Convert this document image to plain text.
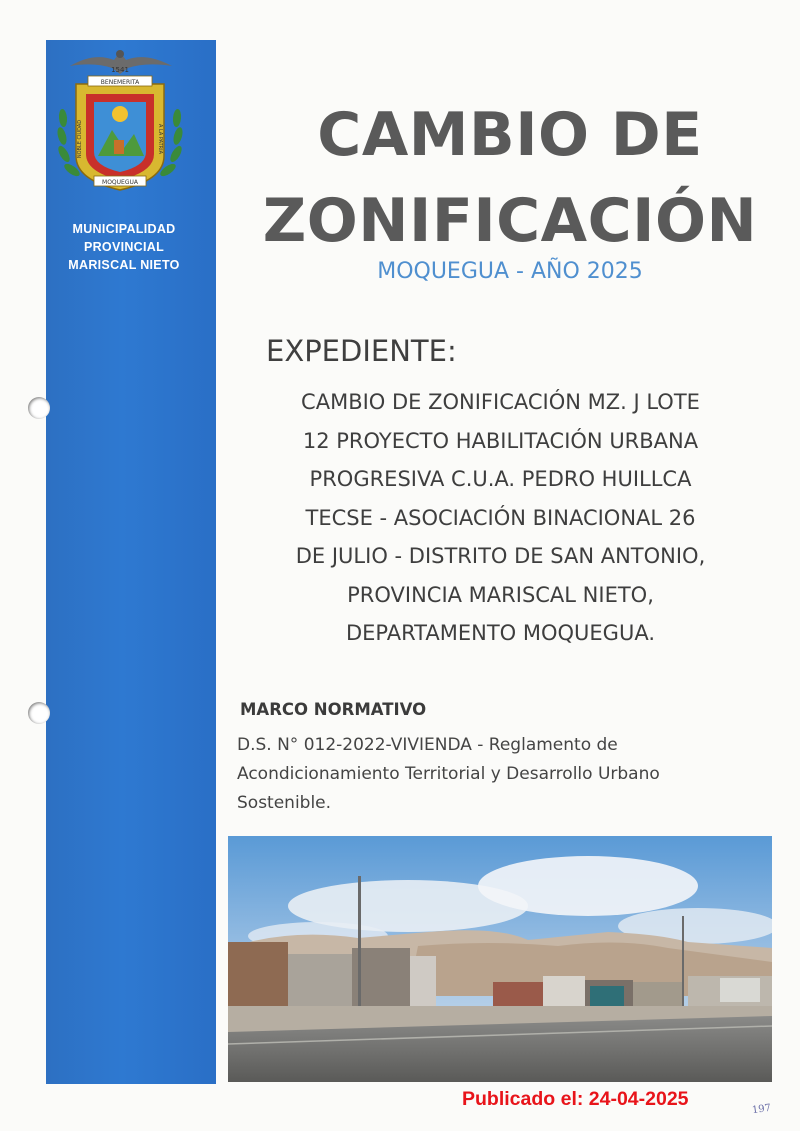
1541
BENEMERITA
NOBLE CIUDAD	A LA PATRIA
MOQUEGUA
MUNICIPALIDAD
PROVINCIAL
MARISCAL NIETO
CAMBIO DE
ZONIFICACIÓN
MOQUEGUA - AÑO 2025
EXPEDIENTE:
CAMBIO DE ZONIFICACIÓN MZ. J LOTE
12 PROYECTO HABILITACIÓN URBANA
PROGRESIVA C.U.A. PEDRO HUILLCA
TECSE - ASOCIACIÓN BINACIONAL 26
DE JULIO - DISTRITO DE SAN ANTONIO,
PROVINCIA MARISCAL NIETO,
DEPARTAMENTO MOQUEGUA.
MARCO NORMATIVO
D.S. N° 012-2022-VIVIENDA - Reglamento de
Acondicionamiento Territorial y Desarrollo Urbano
Sostenible.
Publicado el: 24-04-2025	197
